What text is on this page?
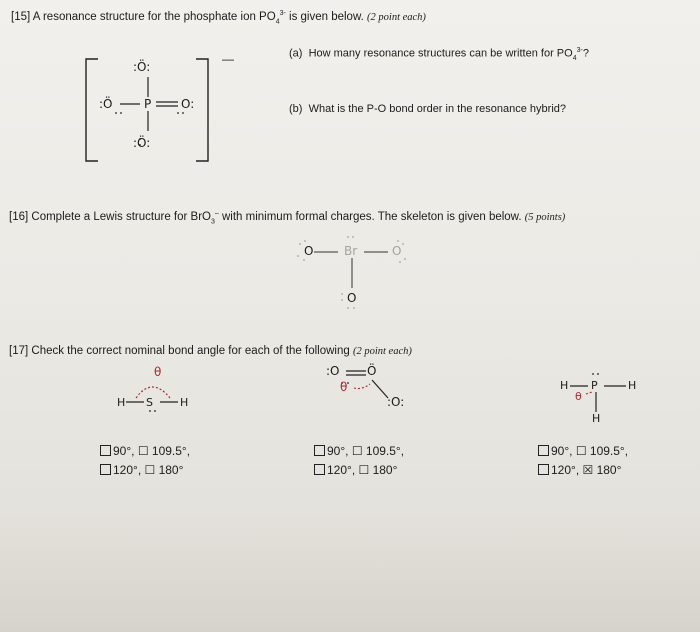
[15] A resonance structure for the phosphate ion $PO_4^{3-}$ is given below. (2 point each)
:Ö:
:Ö	P O:
:Ö:
—	(a) How many resonance structures can be written for $PO_4^{3-}$?
(b) What is the P-O bond order in the resonance hybrid?
[16] Complete a Lewis structure for BrO$_3$– with minimum formal charges. The skeleton is given below. (5 points)
O	Br	O
O
[17] Check the correct nominal bond angle for each of the following (2 point each)
θ
H S H
:O Ö
θ
:O:
H P	H
θ
H
90°, ☐ 109.5°,
120°, ☐ 180°
90°, ☐ 109.5°,
120°, ☐ 180°
90°, ☐ 109.5°,
120°, ☒ 180°
